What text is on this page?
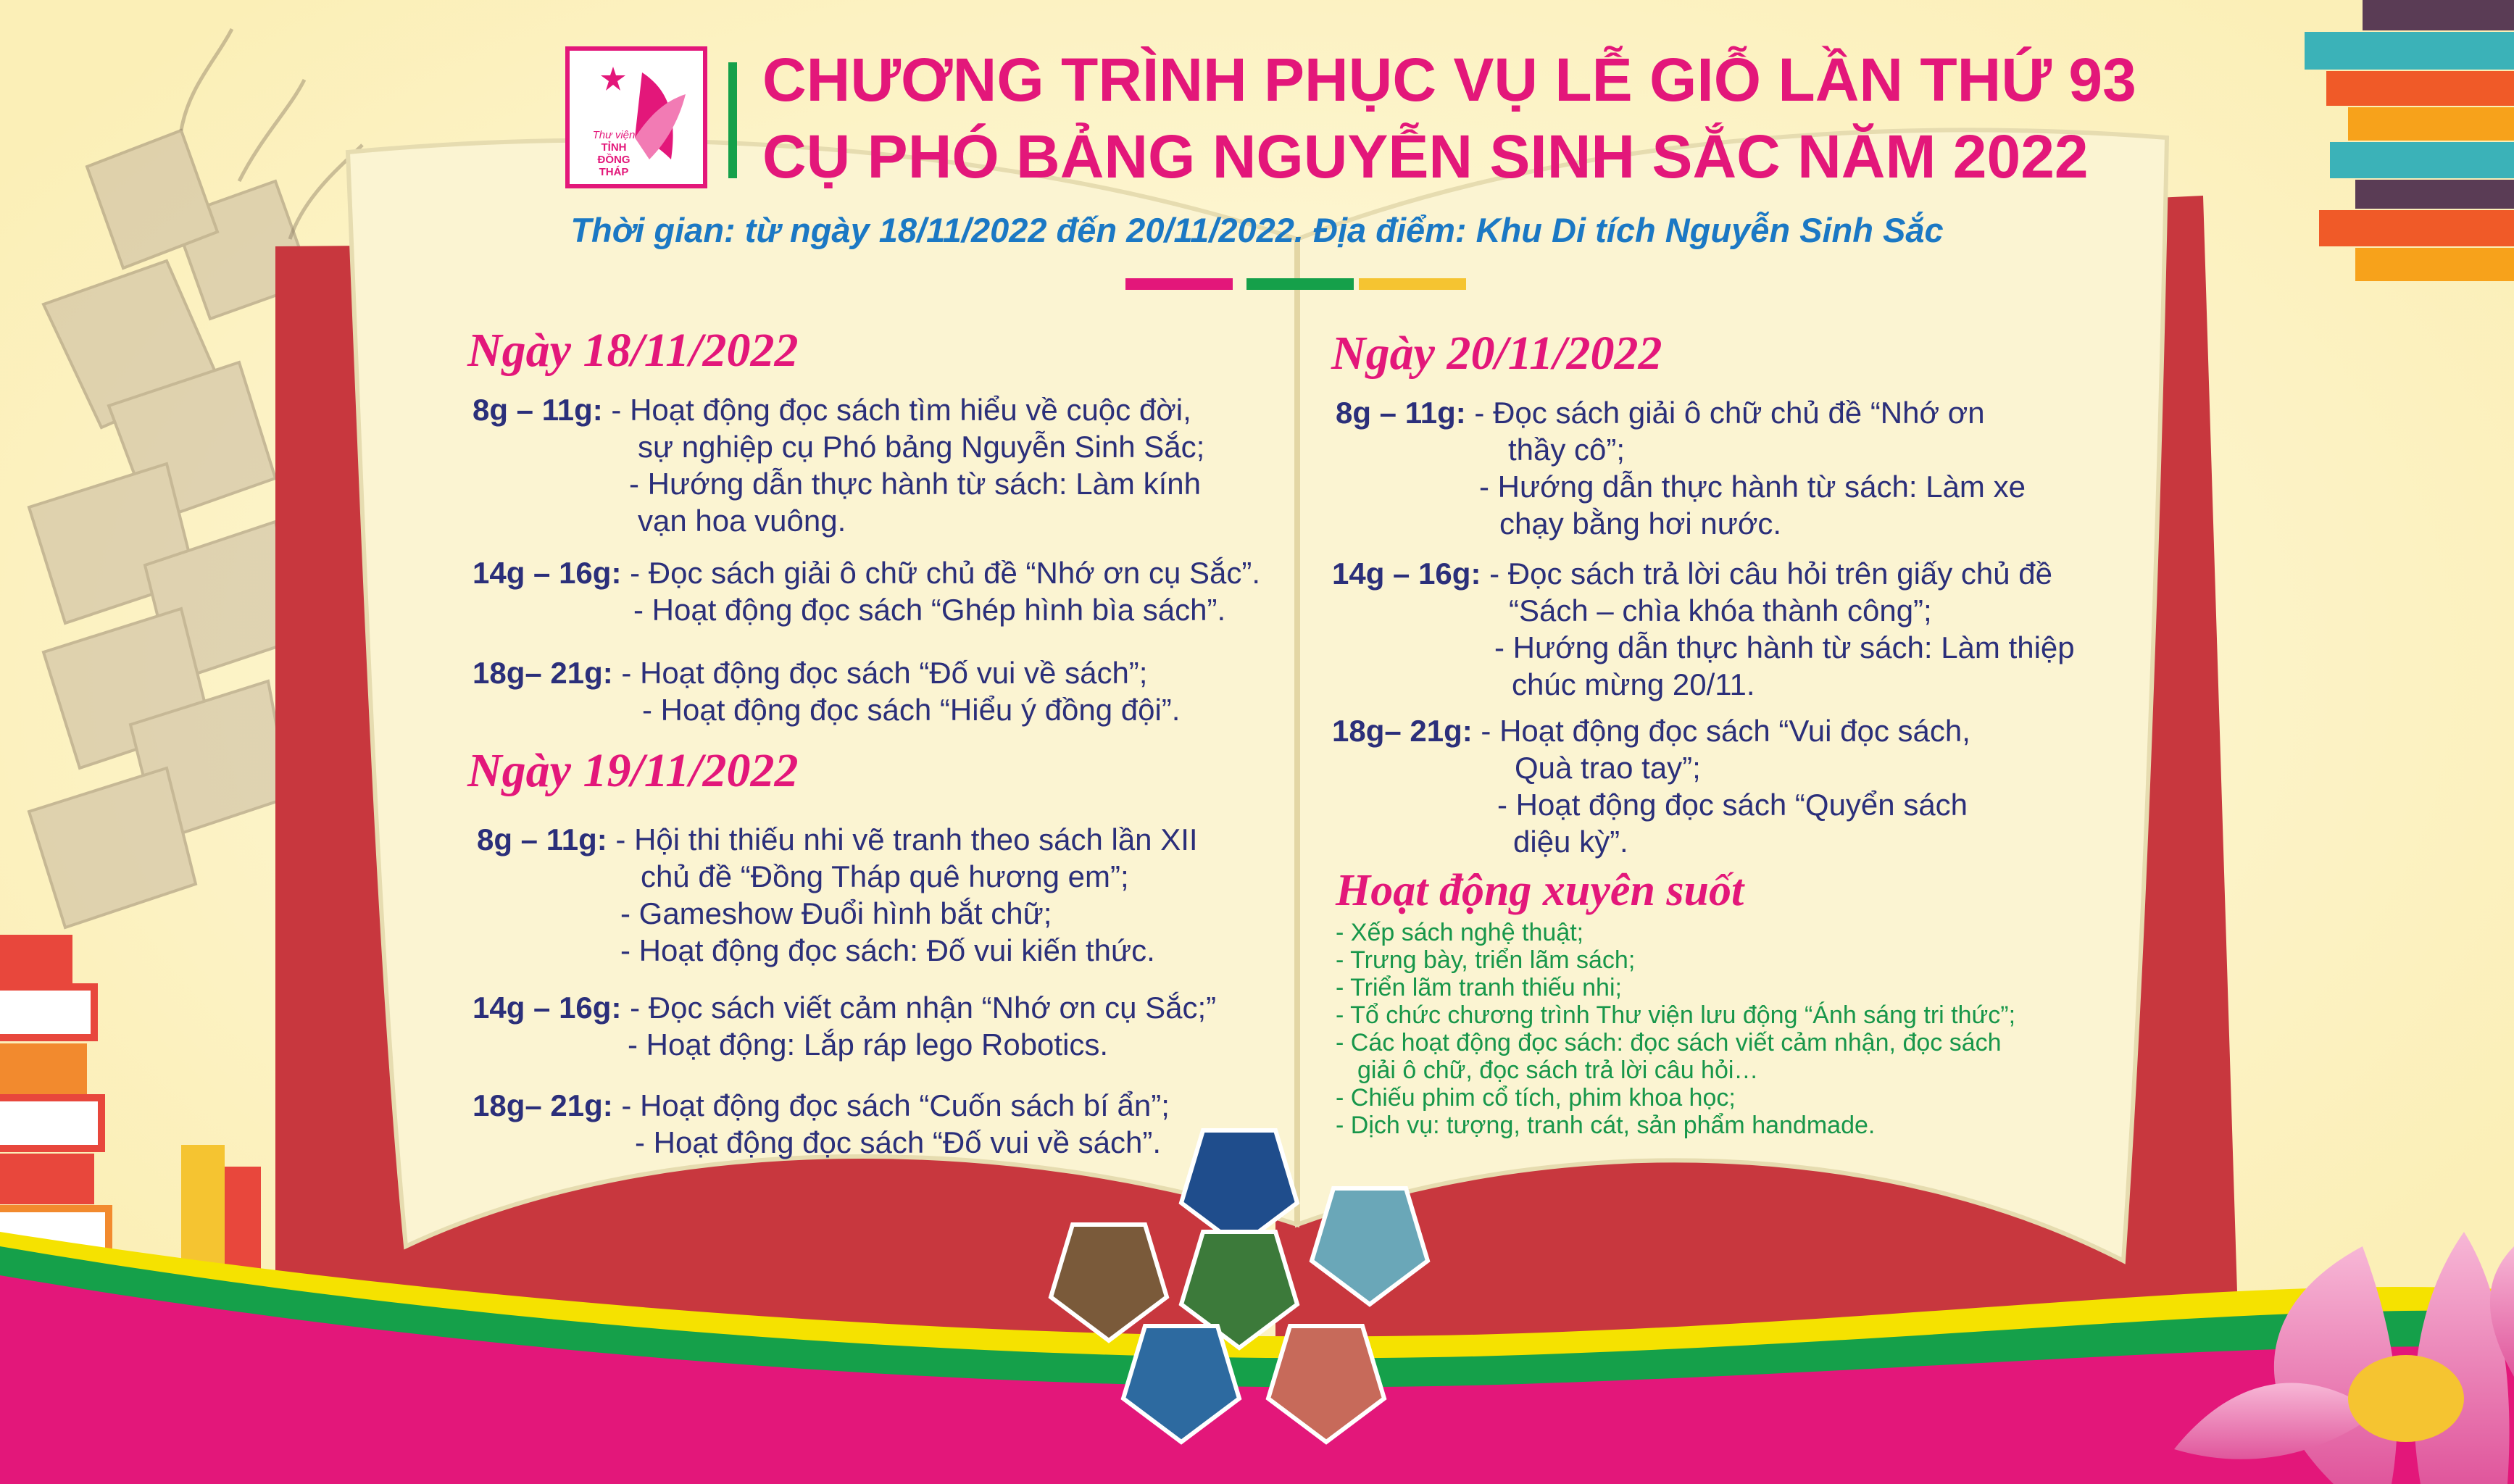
Thư viện
TỈNH
ĐỒNG THÁP
CHƯƠNG TRÌNH PHỤC VỤ LỄ GIỖ LẦN THỨ 93
CỤ PHÓ BẢNG NGUYỄN SINH SẮC NĂM 2022
Thời gian: từ ngày 18/11/2022 đến 20/11/2022. Địa điểm: Khu Di tích Nguyễn Sinh Sắc
Ngày 18/11/2022
8g – 11g: - Hoạt động đọc sách tìm hiểu về cuộc đời,
sự nghiệp cụ Phó bảng Nguyễn Sinh Sắc;
- Hướng dẫn thực hành từ sách: Làm kính
vạn hoa vuông.
14g – 16g: - Đọc sách giải ô chữ chủ đề “Nhớ ơn cụ Sắc”.
- Hoạt động đọc sách “Ghép hình bìa sách”.
18g– 21g: - Hoạt động đọc sách “Đố vui về sách”;
- Hoạt động đọc sách “Hiểu ý đồng đội”.
Ngày 19/11/2022
8g – 11g: - Hội thi thiếu nhi vẽ tranh theo sách lần XII
chủ đề “Đồng Tháp quê hương em”;
- Gameshow Đuổi hình bắt chữ;
- Hoạt động đọc sách: Đố vui kiến thức.
14g – 16g: - Đọc sách viết cảm nhận “Nhớ ơn cụ Sắc;”
- Hoạt động: Lắp ráp lego Robotics.
18g– 21g: - Hoạt động đọc sách “Cuốn sách bí ẩn”;
- Hoạt động đọc sách “Đố vui về sách”.
Ngày 20/11/2022
8g – 11g: - Đọc sách giải ô chữ chủ đề “Nhớ ơn
thầy cô”;
- Hướng dẫn thực hành từ sách: Làm xe
chạy bằng hơi nước.
14g – 16g: - Đọc sách trả lời câu hỏi trên giấy chủ đề
“Sách – chìa khóa thành công”;
- Hướng dẫn thực hành từ sách: Làm thiệp
chúc mừng 20/11.
18g– 21g: - Hoạt động đọc sách “Vui đọc sách,
Quà trao tay”;
- Hoạt động đọc sách “Quyển sách
diệu kỳ”.
Hoạt động xuyên suốt
- Xếp sách nghệ thuật;
- Trưng bày, triển lãm sách;
- Triển lãm tranh thiếu nhi;
- Tổ chức chương trình Thư viện lưu động “Ánh sáng tri thức”;
- Các hoạt động đọc sách: đọc sách viết cảm nhận, đọc sách
giải ô chữ, đọc sách trả lời câu hỏi…
- Chiếu phim cổ tích, phim khoa học;
- Dịch vụ: tượng, tranh cát, sản phẩm handmade.
